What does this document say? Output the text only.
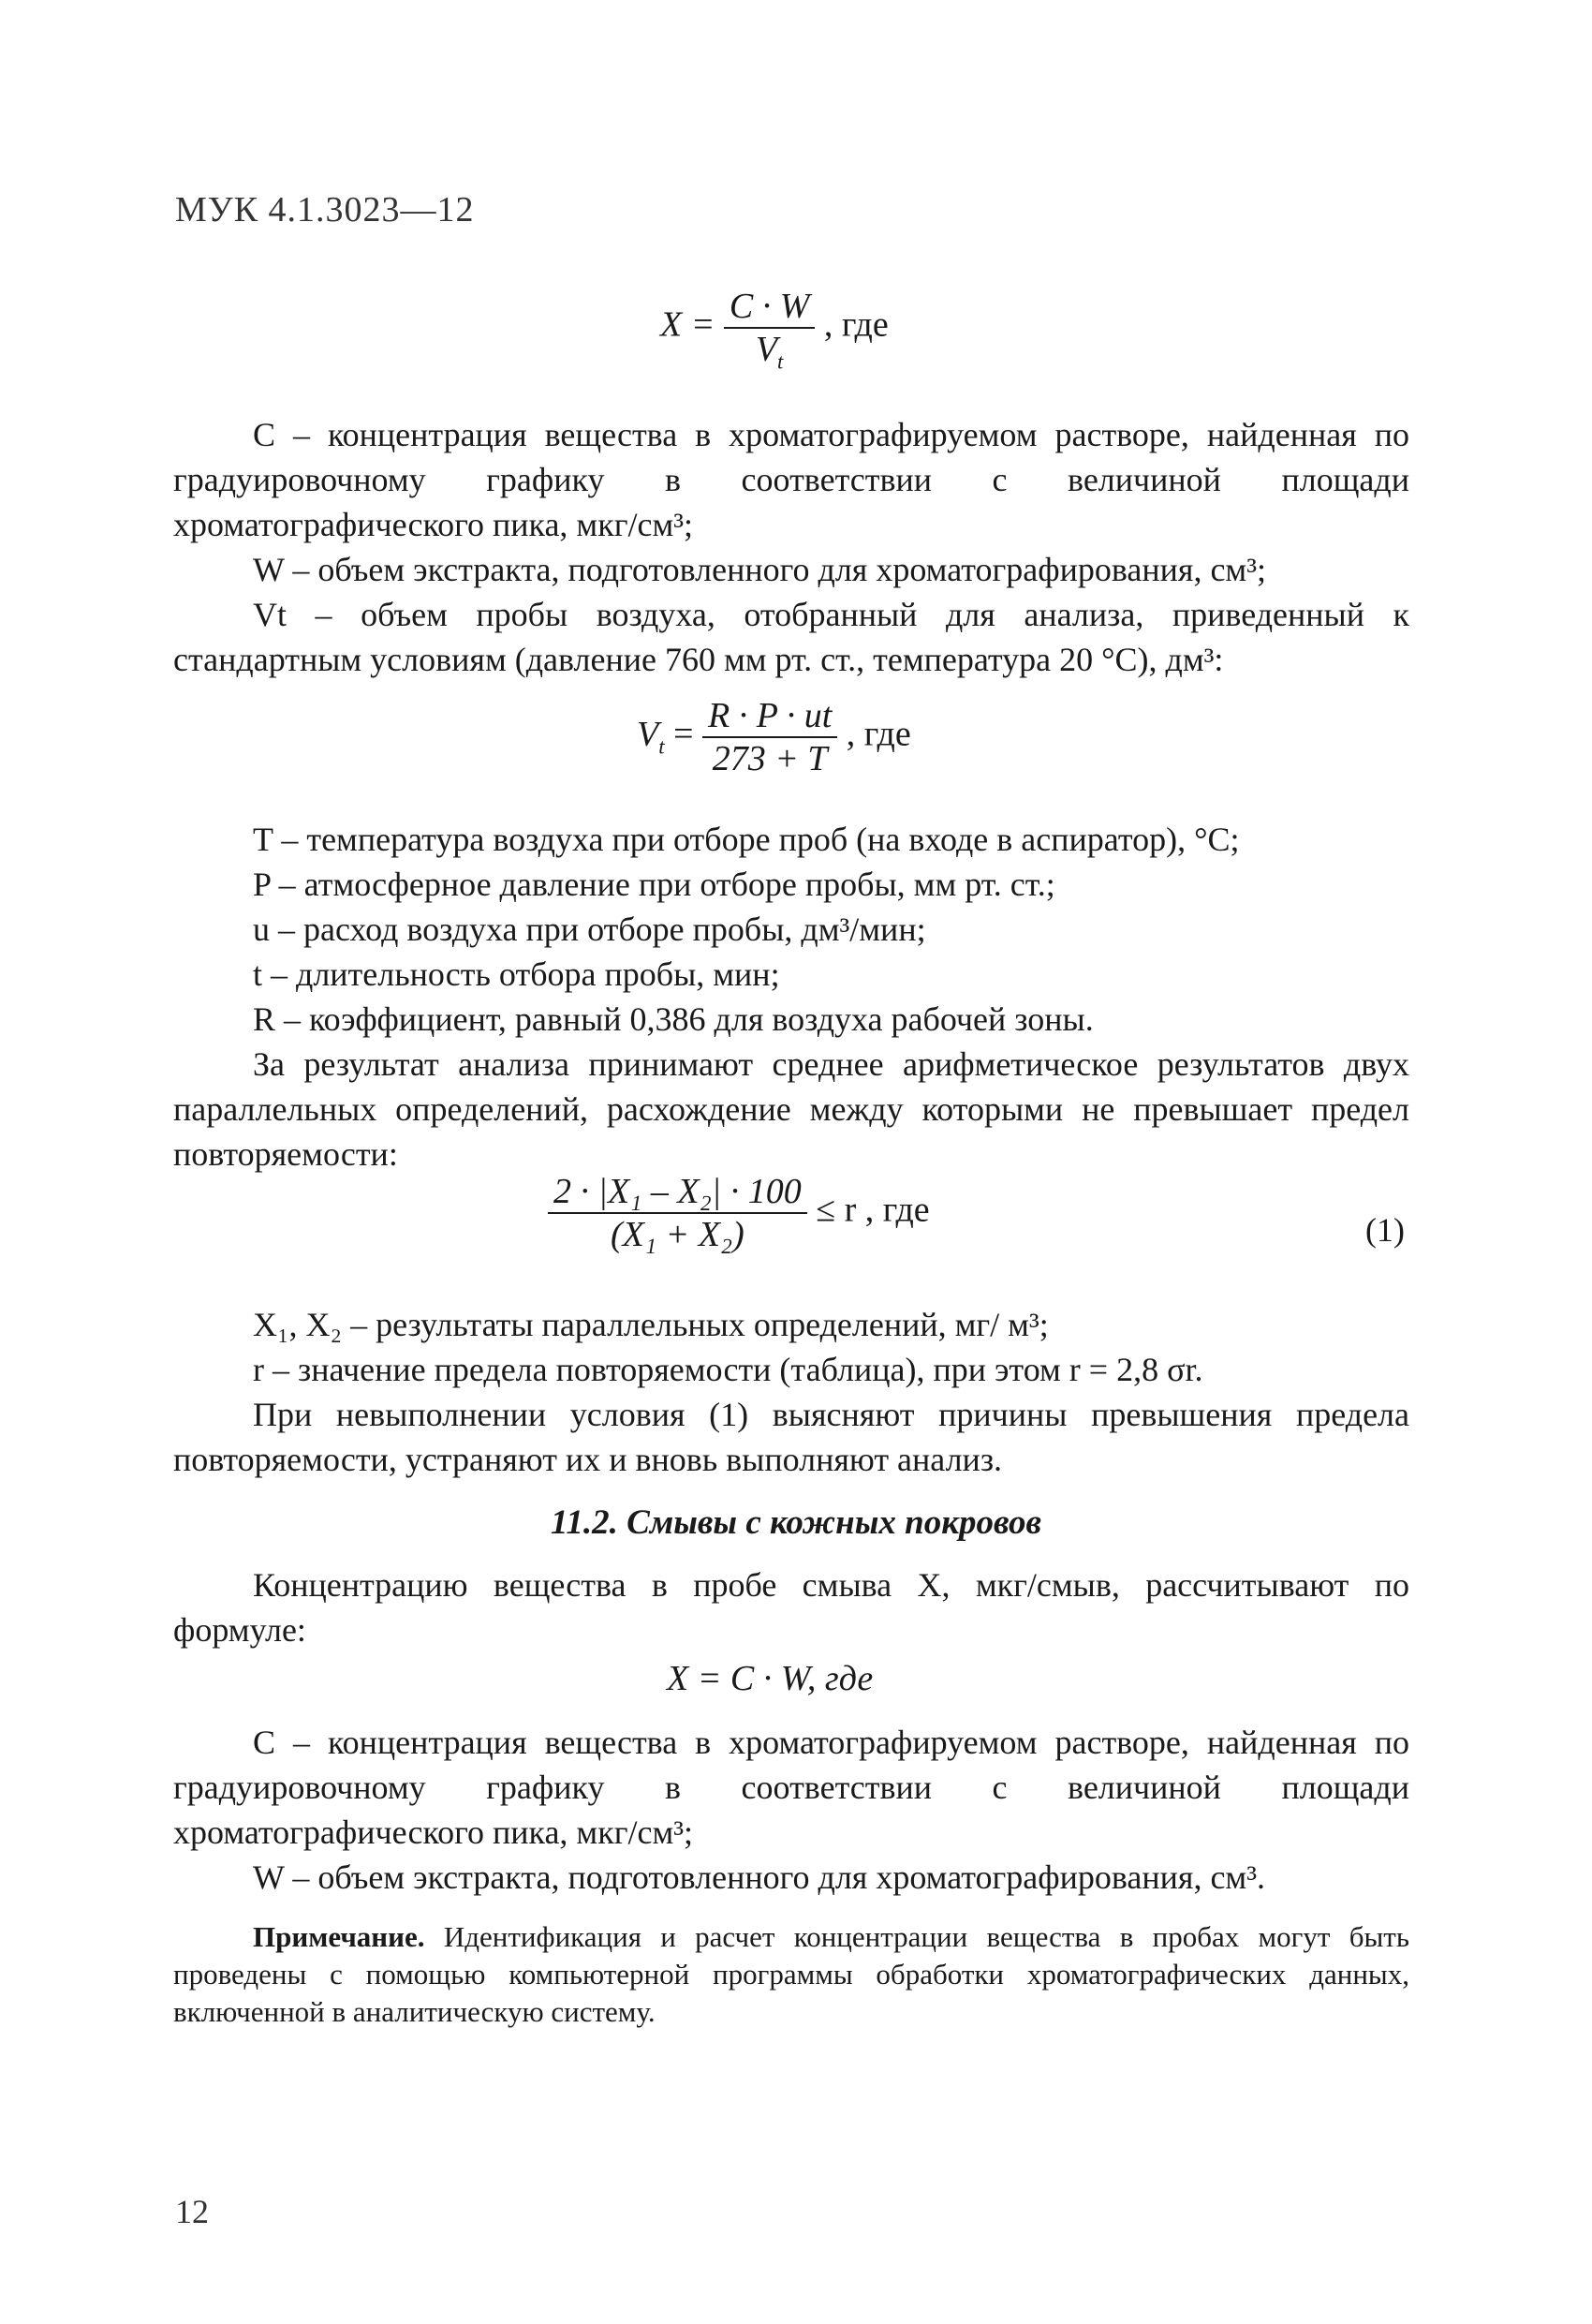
МУК 4.1.3023—12
$X = \frac{C \cdot W}{V_t}$ , где

C – концентрация вещества в хроматографируемом растворе, найденная по градуировочному графику в соответствии с величиной площади хроматографического пика, мкг/см³;

W – объем экстракта, подготовленного для хроматографирования, см³;

Vt – объем пробы воздуха, отобранный для анализа, приведенный к стандартным условиям (давление 760 мм рт. ст., температура 20 °С), дм³:

$V_t = \frac{R \cdot P \cdot ut}{273 + T}$ , где

T – температура воздуха при отборе проб (на входе в аспиратор), °С;

P – атмосферное давление при отборе пробы, мм рт. ст.;

u – расход воздуха при отборе пробы, дм³/мин;

t – длительность отбора пробы, мин;

R – коэффициент, равный 0,386 для воздуха рабочей зоны.

За результат анализа принимают среднее арифметическое результатов двух параллельных определений, расхождение между которыми не превышает предел повторяемости:

$\frac{\text{2 · |X₁ – X₂| · 100}}{\text{(X₁ + X₂)}} \le r$ , где
(1)

X₁, X₂ – результаты параллельных определений, мг/ м³;

r – значение предела повторяемости (таблица), при этом r = 2,8 σr.

При невыполнении условия (1) выясняют причины превышения предела повторяемости, устраняют их и вновь выполняют анализ.

11.2. Смывы с кожных покровов

Концентрацию вещества в пробе смыва X, мкг/смыв, рассчитывают по формуле:

X = C · W, где

C – концентрация вещества в хроматографируемом растворе, найденная по градуировочному графику в соответствии с величиной площади хроматографического пика, мкг/см³;

W – объем экстракта, подготовленного для хроматографирования, см³.

Примечание. Идентификация и расчет концентрации вещества в пробах могут быть проведены с помощью компьютерной программы обработки хроматографических данных, включенной в аналитическую систему.
12
